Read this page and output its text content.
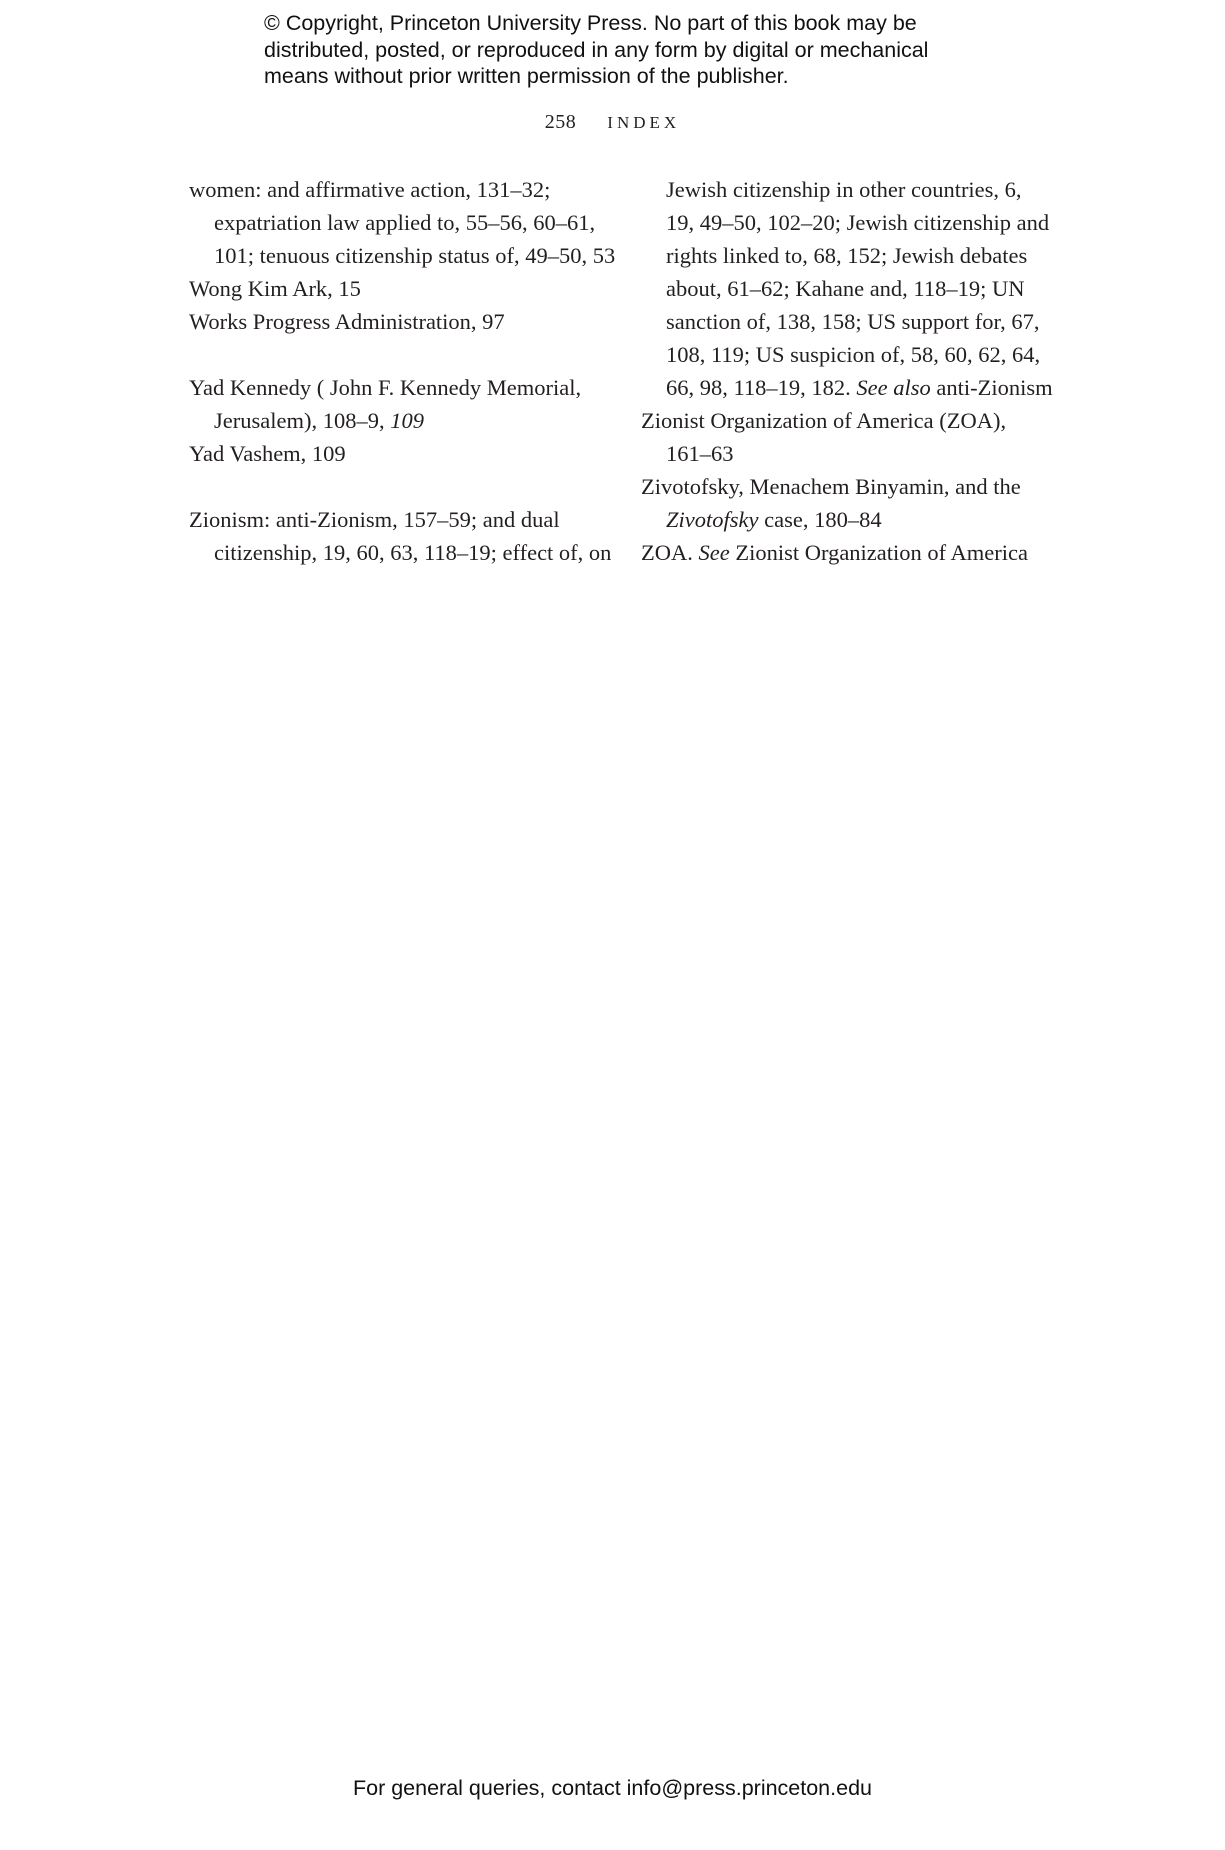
© Copyright, Princeton University Press. No part of this book may be
distributed, posted, or reproduced in any form by digital or mechanical
means without prior written permission of the publisher.
258 INDEX
women: and affirmative action, 131–32;
expatriation law applied to, 55–56, 60–61,
101; tenuous citizenship status of, 49–50, 53
Wong Kim Ark, 15
Works Progress Administration, 97
Yad Kennedy ( John F. Kennedy Memorial,
Jerusalem), 108–9, 109
Yad Vashem, 109
Zionism: anti-Zionism, 157–59; and dual
citizenship, 19, 60, 63, 118–19; effect of, on
Jewish citizenship in other countries, 6,
19, 49–50, 102–20; Jewish citizenship and
rights linked to, 68, 152; Jewish debates
about, 61–62; Kahane and, 118–19; UN
sanction of, 138, 158; US support for, 67,
108, 119; US suspicion of, 58, 60, 62, 64,
66, 98, 118–19, 182. See also anti-Zionism
Zionist Organization of America (ZOA),
161–63
Zivotofsky, Menachem Binyamin, and the
Zivotofsky case, 180–84
ZOA. See Zionist Organization of America
For general queries, contact info@press.princeton.edu
